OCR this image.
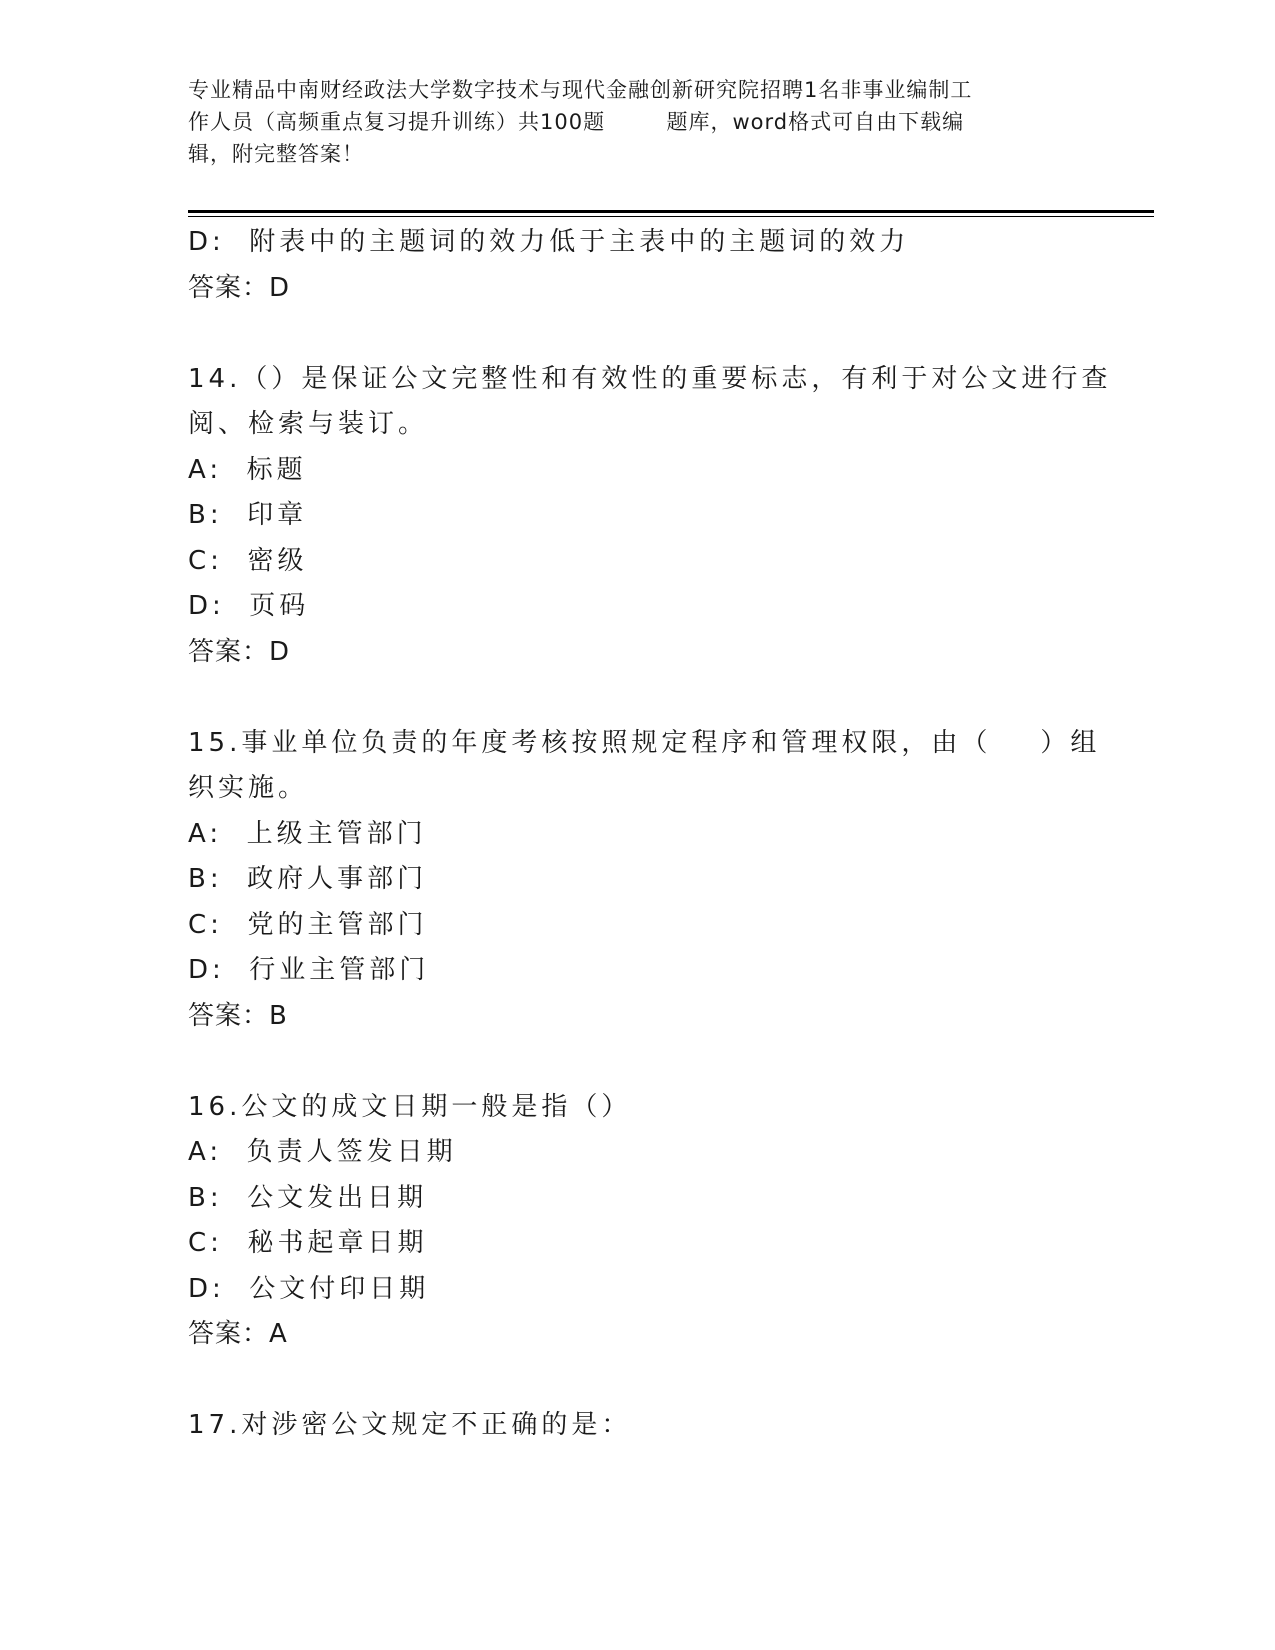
专业精品中南财经政法大学数字技术与现代金融创新研究院招聘1名非事业编制工
作人员（高频重点复习提升训练）共100题        题库，word格式可自由下载编
辑，附完整答案！
D:  附表中的主题词的效力低于主表中的主题词的效力
答案：D
14.（）是保证公文完整性和有效性的重要标志，有利于对公文进行查
阅、检索与装订。
A:  标题
B:  印章
C:  密级
D:  页码
答案：D
15.事业单位负责的年度考核按照规定程序和管理权限，由（    ）组
织实施。
A:  上级主管部门
B:  政府人事部门
C:  党的主管部门
D:  行业主管部门
答案：B
16.公文的成文日期一般是指（）
A:  负责人签发日期
B:  公文发出日期
C:  秘书起章日期
D:  公文付印日期
答案：A
17.对涉密公文规定不正确的是：
